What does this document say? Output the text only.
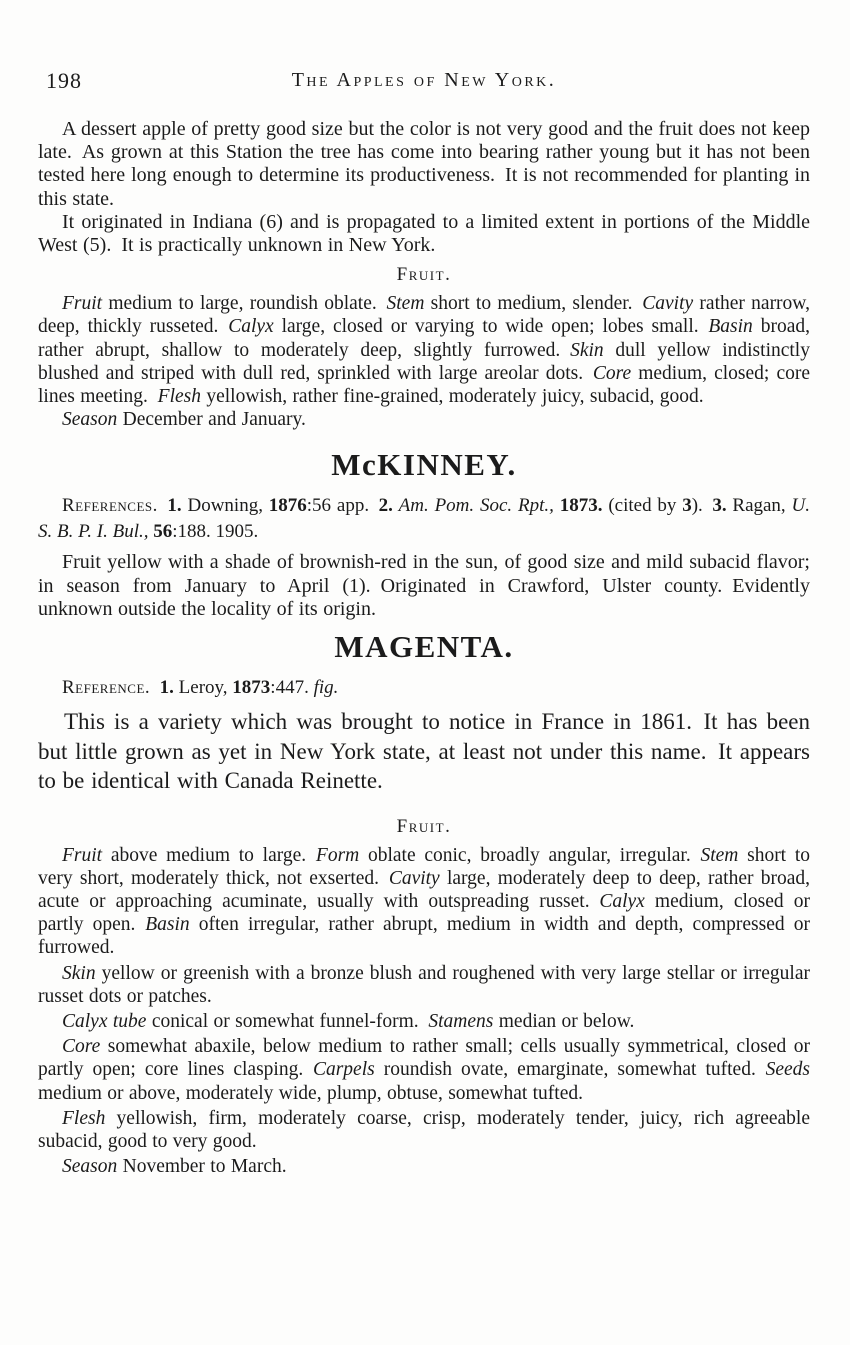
198	The Apples of New York.

A dessert apple of pretty good size but the color is not very good and the fruit does not keep late. As grown at this Station the tree has come into bearing rather young but it has not been tested here long enough to determine its productiveness. It is not recommended for planting in this state.

It originated in Indiana (6) and is propagated to a limited extent in portions of the Middle West (5). It is practically unknown in New York.

Fruit.

Fruit medium to large, roundish oblate. Stem short to medium, slender. Cavity rather narrow, deep, thickly russeted. Calyx large, closed or varying to wide open; lobes small. Basin broad, rather abrupt, shallow to moderately deep, slightly furrowed. Skin dull yellow indistinctly blushed and striped with dull red, sprinkled with large areolar dots. Core medium, closed; core lines meeting. Flesh yellowish, rather fine-grained, moderately juicy, subacid, good.

Season December and January.

McKINNEY.

References.  1. Downing, 1876:56 app. 2. Am. Pom. Soc. Rpt., 1873. (cited by 3). 3. Ragan, U. S. B. P. I. Bul., 56:188. 1905.

Fruit yellow with a shade of brownish-red in the sun, of good size and mild subacid flavor; in season from January to April (1). Originated in Crawford, Ulster county. Evidently unknown outside the locality of its origin.

MAGENTA.

Reference.  1. Leroy, 1873:447. fig.

This is a variety which was brought to notice in France in 1861. It has been but little grown as yet in New York state, at least not under this name. It appears to be identical with Canada Reinette.

Fruit.

Fruit above medium to large. Form oblate conic, broadly angular, irregular. Stem short to very short, moderately thick, not exserted. Cavity large, moderately deep to deep, rather broad, acute or approaching acuminate, usually with outspreading russet. Calyx medium, closed or partly open. Basin often irregular, rather abrupt, medium in width and depth, compressed or furrowed.

Skin yellow or greenish with a bronze blush and roughened with very large stellar or irregular russet dots or patches.

Calyx tube conical or somewhat funnel-form. Stamens median or below.

Core somewhat abaxile, below medium to rather small; cells usually symmetrical, closed or partly open; core lines clasping. Carpels roundish ovate, emarginate, somewhat tufted. Seeds medium or above, moderately wide, plump, obtuse, somewhat tufted.

Flesh yellowish, firm, moderately coarse, crisp, moderately tender, juicy, rich agreeable subacid, good to very good.

Season November to March.
